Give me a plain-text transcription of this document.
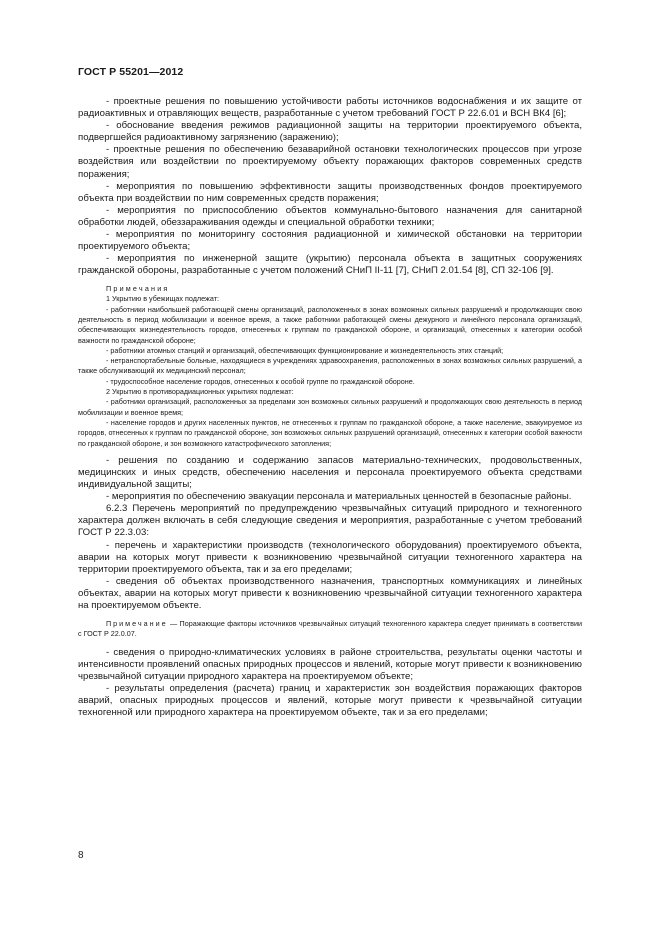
ГОСТ Р 55201—2012

- проектные решения по повышению устойчивости работы источников водоснабжения и их защите от радиоактивных и отравляющих веществ, разработанные с учетом требований ГОСТ Р 22.6.01 и ВСН ВК4 [6];

- обоснование введения режимов радиационной защиты на территории проектируемого объекта, подвергшейся радиоактивному загрязнению (заражению);

- проектные решения по обеспечению безаварийной остановки технологических процессов при угрозе воздействия или воздействии по проектируемому объекту поражающих факторов современных средств поражения;

- мероприятия по повышению эффективности защиты производственных фондов проектируемого объекта при воздействии по ним современных средств поражения;

- мероприятия по приспособлению объектов коммунально-бытового назначения для санитарной обработки людей, обеззараживания одежды и специальной обработки техники;

- мероприятия по мониторингу состояния радиационной и химической обстановки на территории проектируемого объекта;

- мероприятия по инженерной защите (укрытию) персонала объекта в защитных сооружениях гражданской обороны, разработанные с учетом положений СНиП II-11 [7], СНиП 2.01.54 [8], СП 32-106 [9].

Примечания

1 Укрытию в убежищах подлежат:

- работники наибольшей работающей смены организаций, расположенных в зонах возможных сильных разрушений и продолжающих свою деятельность в период мобилизации и военное время, а также работники работающей смены дежурного и линейного персонала организаций, обеспечивающих жизнедеятельность городов, отнесенных к группам по гражданской обороне, и организаций, отнесенных к категории особой важности по гражданской обороне;

- работники атомных станций и организаций, обеспечивающих функционирование и жизнедеятельность этих станций;

- нетранспортабельные больные, находящиеся в учреждениях здравоохранения, расположенных в зонах возможных сильных разрушений, а также обслуживающий их медицинский персонал;

- трудоспособное население городов, отнесенных к особой группе по гражданской обороне.

2 Укрытию в противорадиационных укрытиях подлежат:

- работники организаций, расположенных за пределами зон возможных сильных разрушений и продолжающих свою деятельность в период мобилизации и военное время;

- население городов и других населенных пунктов, не отнесенных к группам по гражданской обороне, а также население, эвакуируемое из городов, отнесенных к группам по гражданской обороне, зон возможных сильных разрушений организаций, отнесенных к категории особой важности по гражданской обороне, и зон возможного катастрофического затопления;

- решения по созданию и содержанию запасов материально-технических, продовольственных, медицинских и иных средств, обеспечению населения и персонала проектируемого объекта средствами индивидуальной защиты;

- мероприятия по обеспечению эвакуации персонала и материальных ценностей в безопасные районы.

6.2.3 Перечень мероприятий по предупреждению чрезвычайных ситуаций природного и техногенного характера должен включать в себя следующие сведения и мероприятия, разработанные с учетом требований ГОСТ Р 22.3.03:

- перечень и характеристики производств (технологического оборудования) проектируемого объекта, аварии на которых могут привести к возникновению чрезвычайной ситуации техногенного характера на территории проектируемого объекта, так и за его пределами;

- сведения об объектах производственного назначения, транспортных коммуникациях и линейных объектах, аварии на которых могут привести к возникновению чрезвычайной ситуации техногенного характера на проектируемом объекте.

Примечание — Поражающие факторы источников чрезвычайных ситуаций техногенного характера следует принимать в соответствии с ГОСТ Р 22.0.07.

- сведения о природно-климатических условиях в районе строительства, результаты оценки частоты и интенсивности проявлений опасных природных процессов и явлений, которые могут привести к возникновению чрезвычайной ситуации природного характера на проектируемом объекте;

- результаты определения (расчета) границ и характеристик зон воздействия поражающих факторов аварий, опасных природных процессов и явлений, которые могут привести к чрезвычайной ситуации техногенной или природного характера на проектируемом объекте, так и за его пределами;

8
